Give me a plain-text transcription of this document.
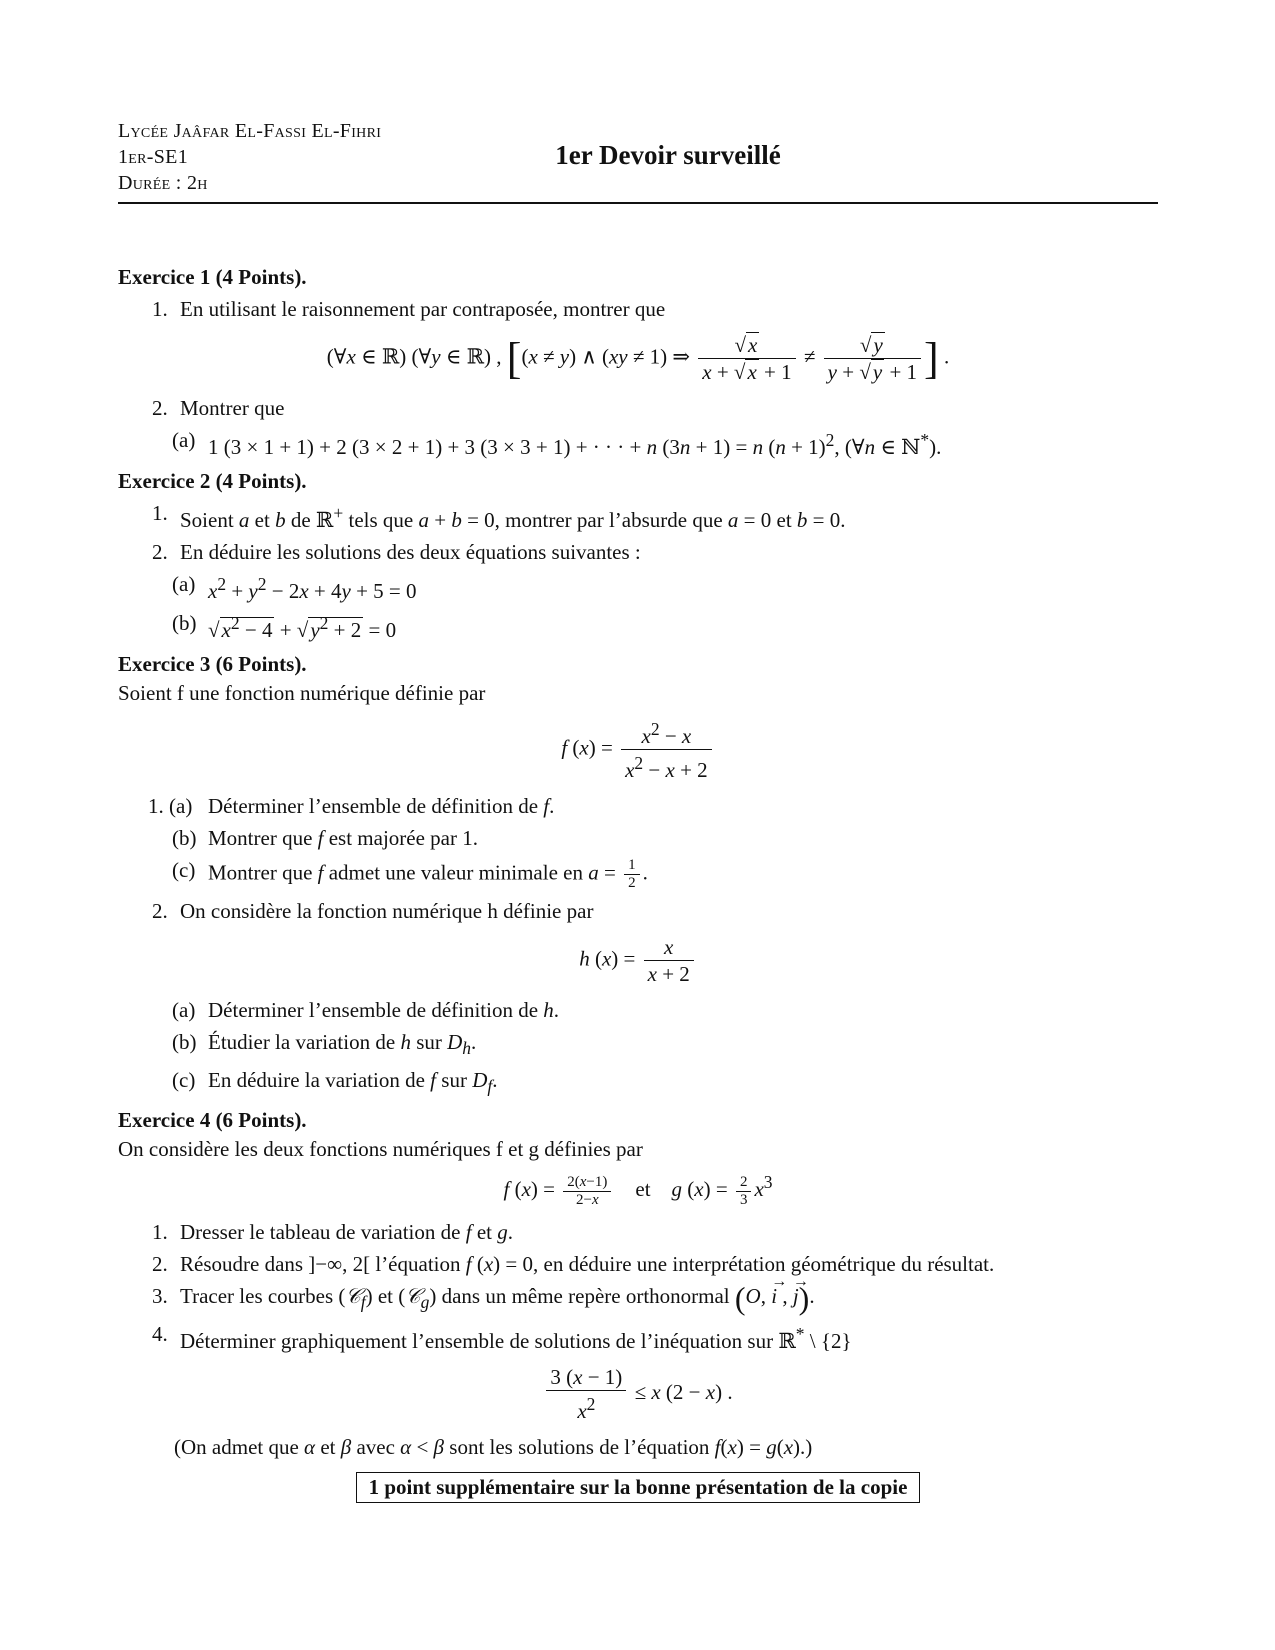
Lycée Jaâfar El-Fassi El-Fihri
1er-SE1
Durée : 2h
1er Devoir surveillé
Exercice 1 (4 Points).
1. En utilisant le raisonnement par contraposée, montrer que
(∀x ∈ ℝ) (∀y ∈ ℝ) , [(x ≠ y) ∧ (xy ≠ 1) ⇒ $\frac{√x}{x + √x + 1} \ne \frac{√y}{y + √y + 1}$ ] .
2. Montrer que
(a) 1 (3 × 1 + 1) + 2 (3 × 2 + 1) + 3 (3 × 3 + 1) + · · · + n (3n + 1) = n $(n + 1)^2$, (∀n ∈ ℕ*).
Exercice 2 (4 Points).
1. Soient a et b de ℝ+ tels que a + b = 0, montrer par l’absurde que a = 0 et b = 0.
2. En déduire les solutions des deux équations suivantes :
(a) $x^2 + y^2 - 2x + 4y + 5 = 0$
(b) $√x^2 - 4 + √y^2 + 2 = 0$
Exercice 3 (6 Points).
Soient f une fonction numérique définie par
f $(x) = \frac{x^2 - x}{x^2 - x + 2}$
1. (a) Déterminer l’ensemble de définition de f.
(b) Montrer que f est majorée par 1.
(c) Montrer que f admet une valeur minimale en $a = \frac{1}{2}$ .
2. On considère la fonction numérique h définie par
h $(x) = \frac{x}{x + 2}$
(a) Déterminer l’ensemble de définition de h.
(b) Étudier la variation de h sur $D_h$.
(c) En déduire la variation de f sur $D_f$.
Exercice 4 (6 Points).
On considère les deux fonctions numériques f et g définies par
f $(x) = \frac{2(x-1)}{2-x}$ et    g $(x) = \frac{2}{3} x^3$
1. Dresser le tableau de variation de f et g.
2. Résoudre dans ]−∞, 2[ l’équation f (x) = 0, en déduire une interprétation géométrique du résultat.
3. Tracer les courbes (𝒞$_f$) et (𝒞$_g$) dans un même repère orthonormal (O, → i , → j).
4. Déterminer graphiquement l’ensemble de solutions de l’inéquation sur ℝ* \ {2}
$\frac{3 (x - 1)}{x^2} \le x$ (2 − x) .
(On admet que α et β avec α < β sont les solutions de l’équation f(x) = g(x).)
1 point supplémentaire sur la bonne présentation de la copie
